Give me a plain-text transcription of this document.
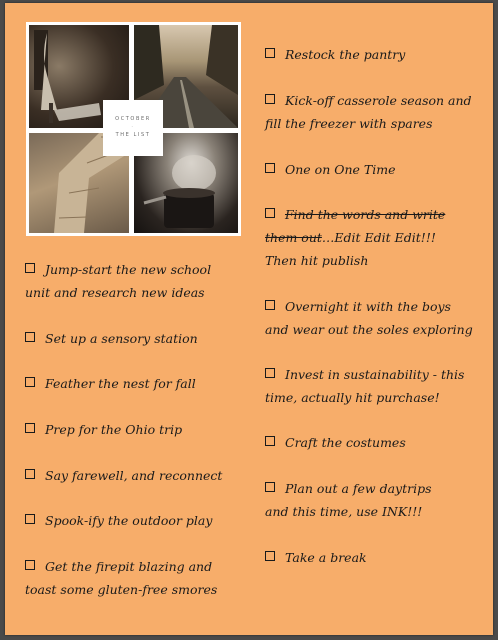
OCTOBER
·
THE LIST
Jump-start the new school
unit and research new ideas
Set up a sensory station
Feather the nest for fall
Prep for the Ohio trip
Say farewell, and reconnect
Spook-ify the outdoor play
Get the firepit blazing and
toast some gluten-free smores
Restock the pantry
Kick-off casserole season and
fill the freezer with spares
One on One Time
Find the words and write
them out…Edit Edit Edit!!!
Then hit publish
Overnight it with the boys
and wear out the soles exploring
Invest in sustainability - this
time, actually hit purchase!
Craft the costumes
Plan out a few daytrips
and this time, use INK!!!
Take a break
